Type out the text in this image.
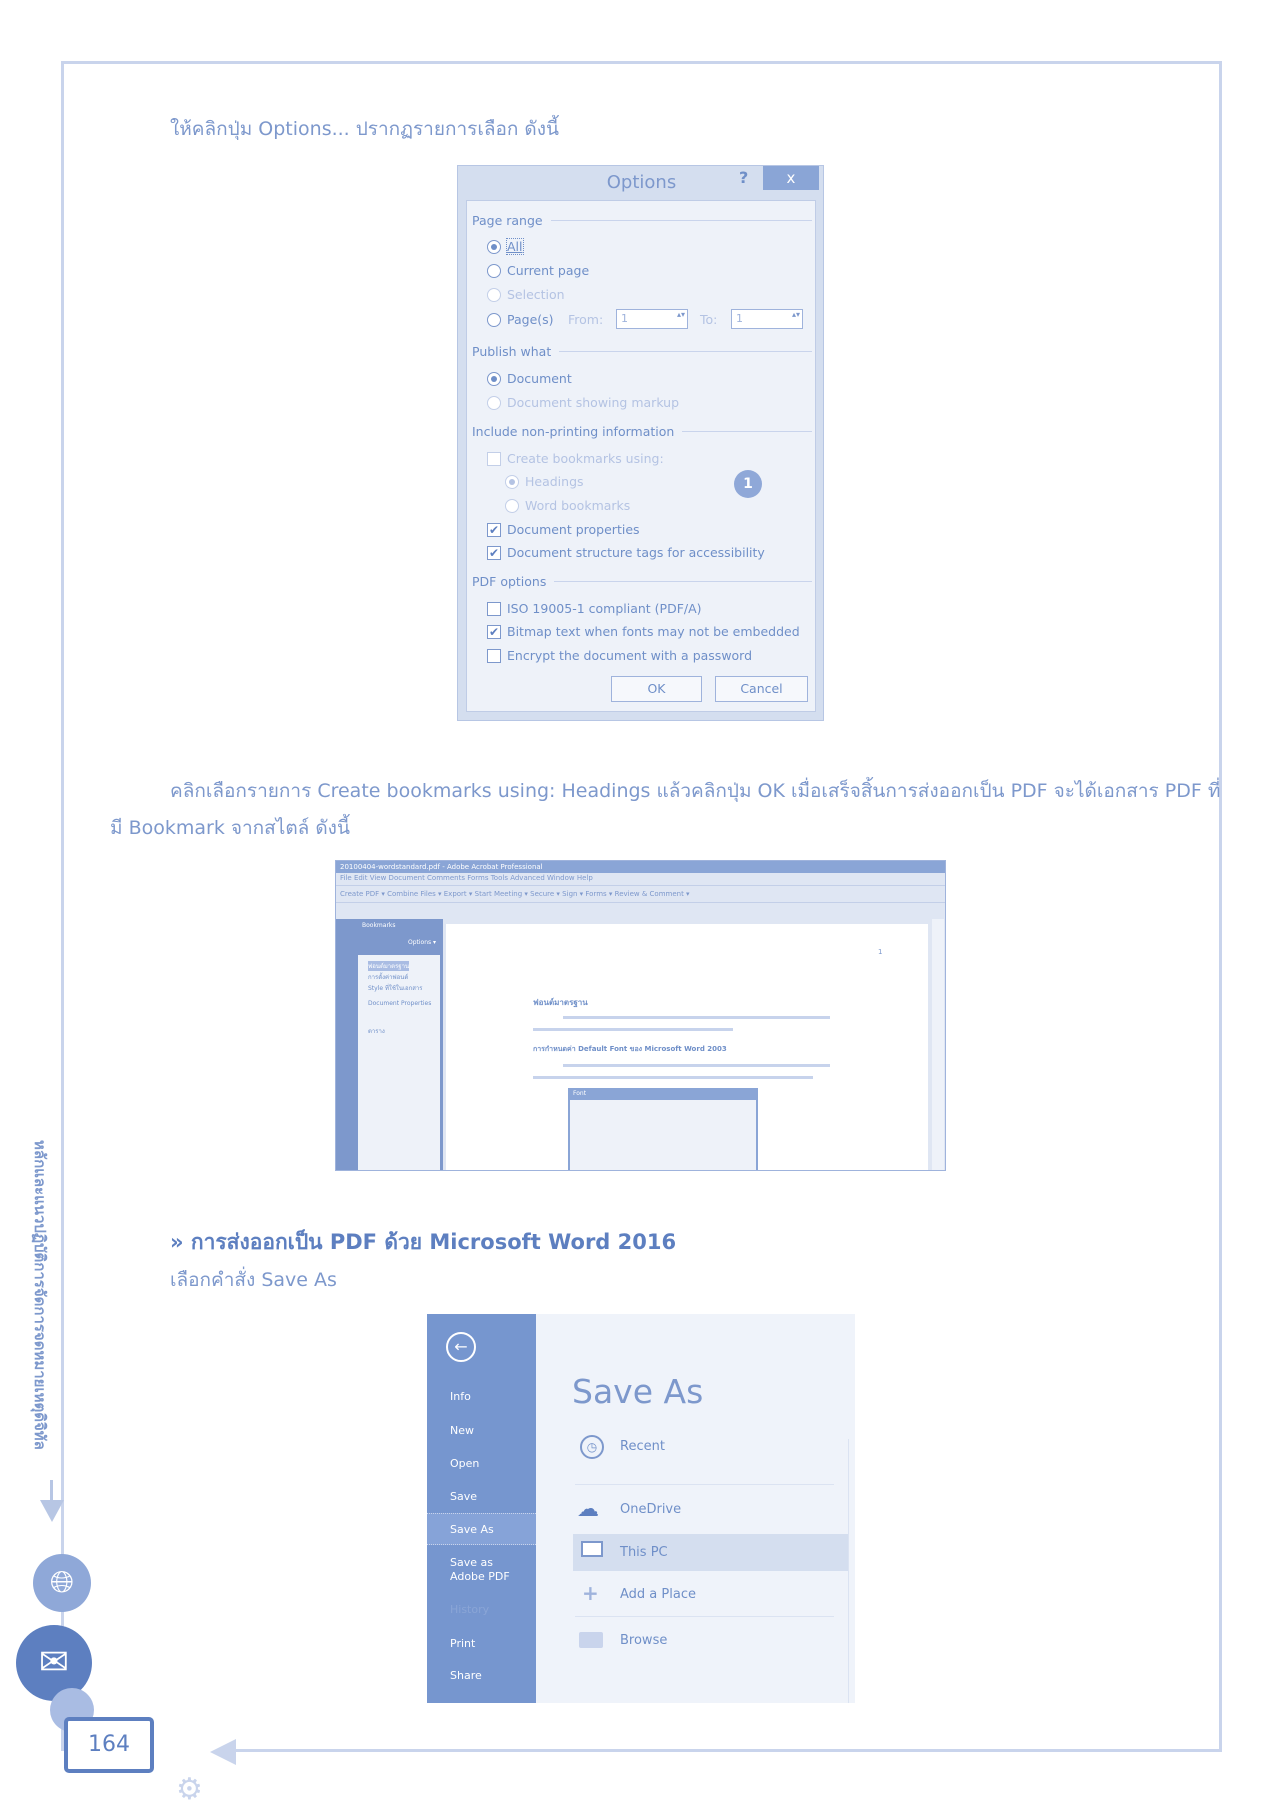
หลักและแนวปฏิบัติการจัดการจดหมายเหตุดิจิทัล
🌐︎
✉
164
⚙
ให้คลิกปุ่ม Options... ปรากฏรายการเลือก ดังนี้
Options	?	x
Page range
All
Current page
Selection
Page(s) From:	1 ▴▾	To:	1 ▴▾
Publish what
Document
Document showing markup
Include non-printing information
Create bookmarks using:
Headings
Word bookmarks
1
✔ Document properties
✔ Document structure tags for accessibility
PDF options
ISO 19005-1 compliant (PDF/A)
✔ Bitmap text when fonts may not be embedded
Encrypt the document with a password
OK	Cancel
คลิกเลือกรายการ Create bookmarks using: Headings แล้วคลิกปุ่ม OK เมื่อเสร็จสิ้นการส่งออกเป็น PDF จะได้เอกสาร PDF ที่
มี Bookmark จากสไตล์ ดังนี้
20100404-wordstandard.pdf - Adobe Acrobat Professional
File Edit View Document Comments Forms Tools Advanced Window Help
Create PDF ▾ Combine Files ▾ Export ▾ Start Meeting ▾ Secure ▾ Sign ▾ Forms ▾ Review & Comment ▾
Bookmarks
Options ▾
ฟอนต์มาตรฐาน
การตั้งค่าฟอนต์
Style ที่ใช้ในเอกสาร
Document Properties
ตาราง
1
ฟอนต์มาตรฐาน
การกำหนดค่า Default Font ของ Microsoft Word 2003
Font
» การส่งออกเป็น PDF ด้วย Microsoft Word 2016
เลือกคำสั่ง Save As
←
Info
New
Open
Save
Save As
Save as Adobe PDF
History
Print
Share
Save As
◷	Recent
☁ OneDrive
This PC
+ Add a Place
Browse
